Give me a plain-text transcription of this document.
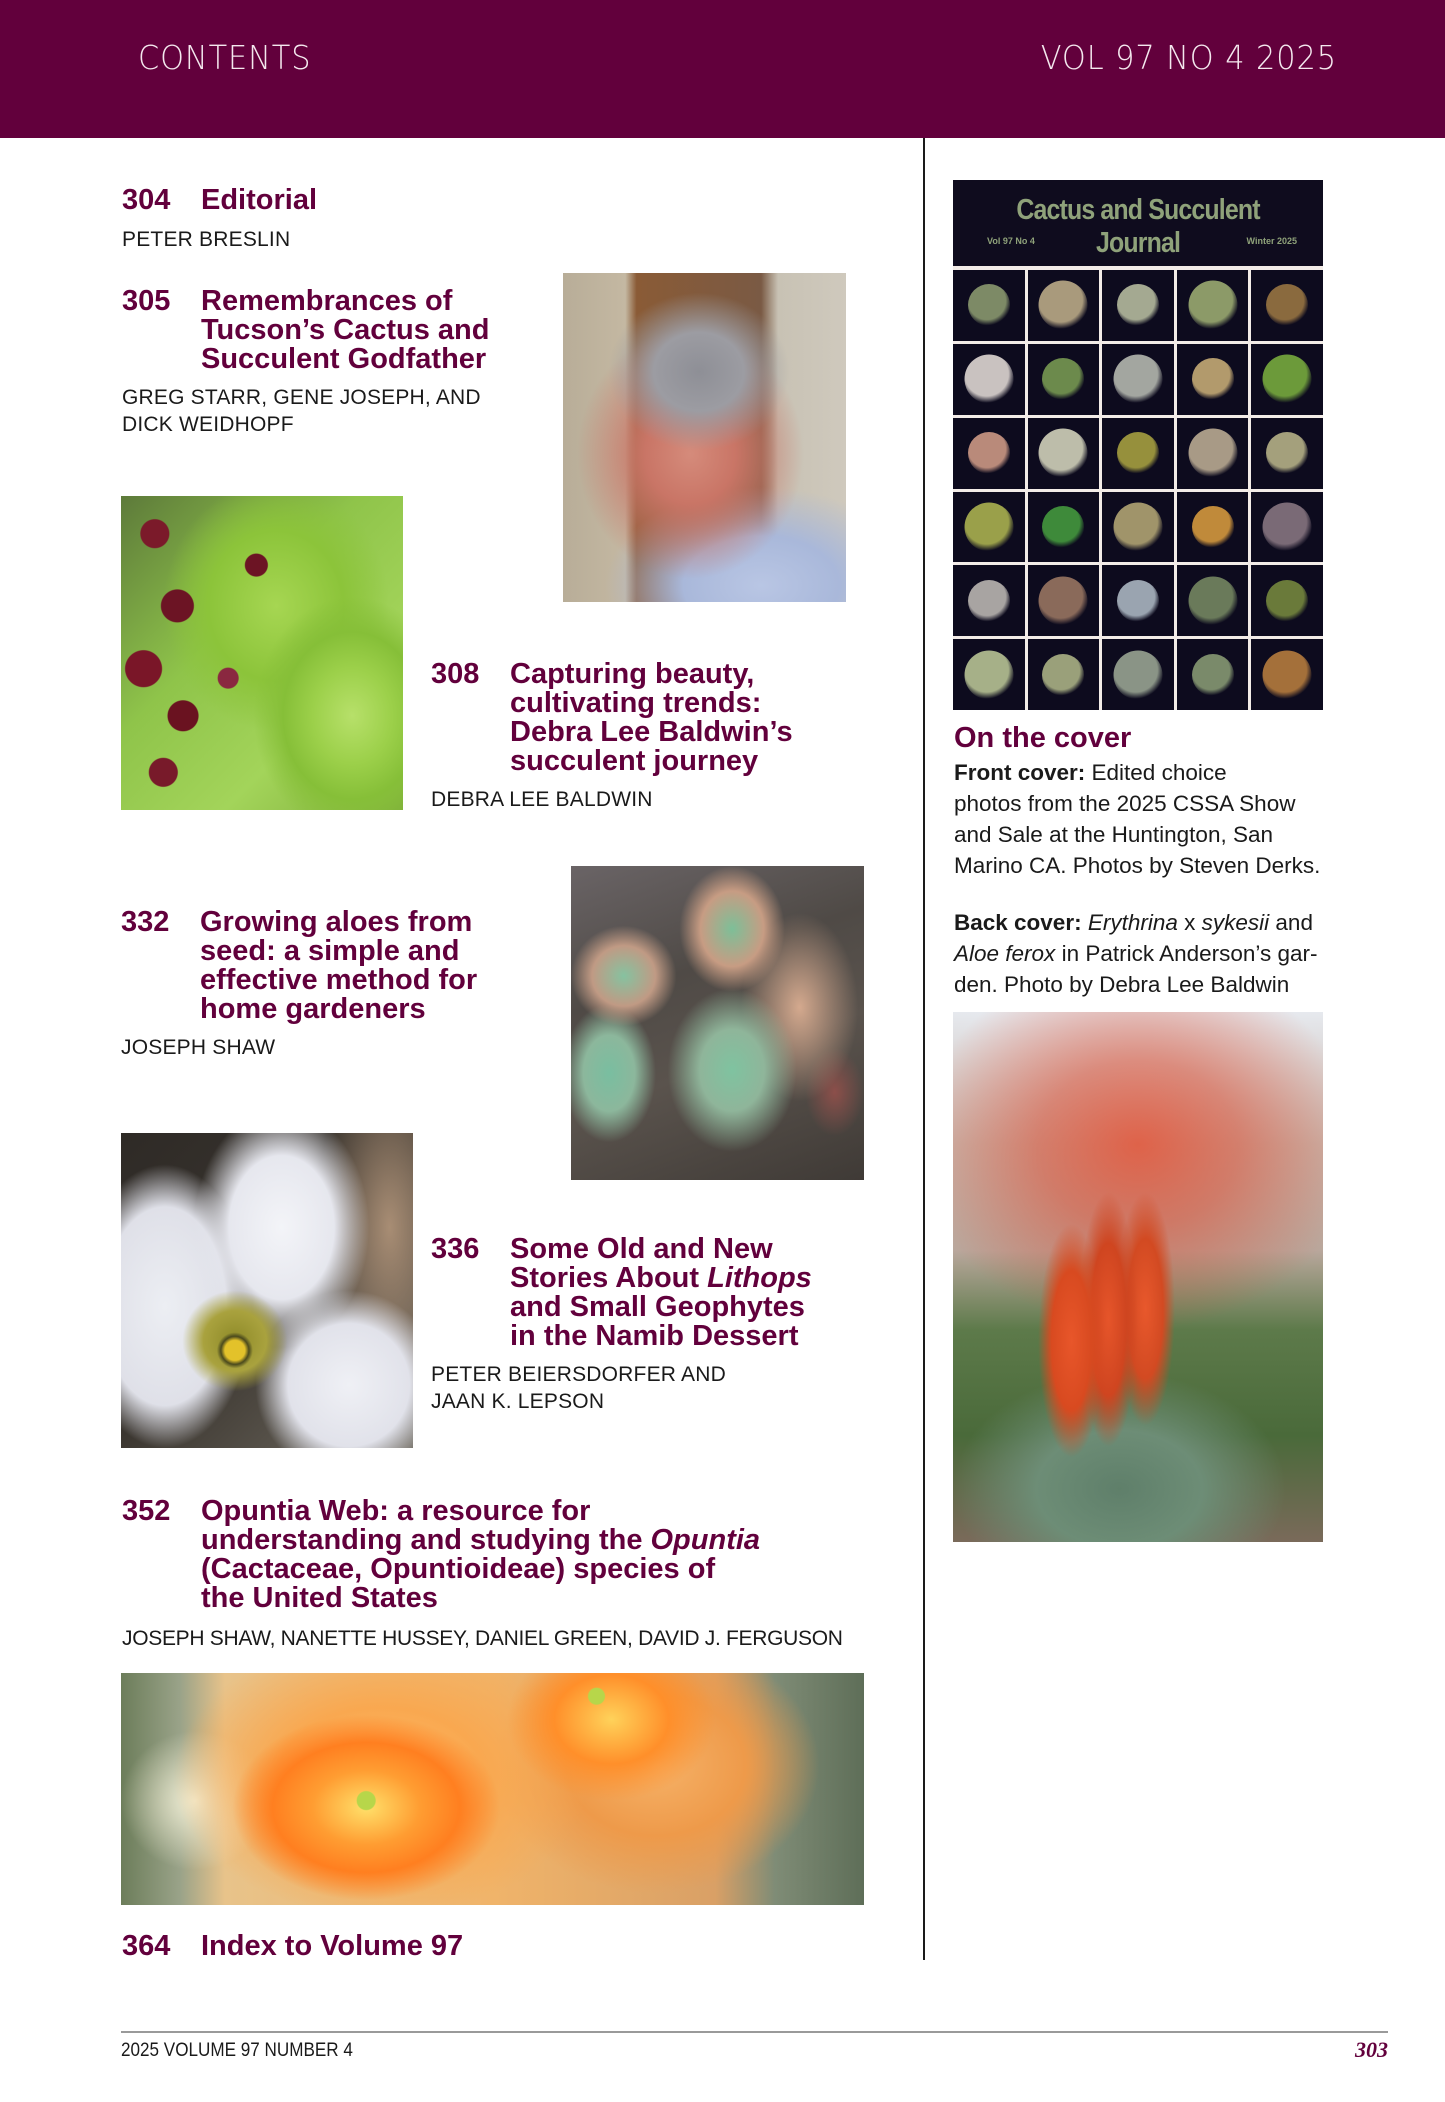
CONTENTS	VOL 97 NO 4 2025
304	Editorial
PETER BRESLIN
305	Remembrances of
Tucson’s Cactus and
Succulent Godfather
GREG STARR, GENE JOSEPH, AND
DICK WEIDHOPF
308	Capturing beauty,
cultivating trends:
Debra Lee Baldwin’s
succulent journey
DEBRA LEE BALDWIN
332	Growing aloes from
seed: a simple and
effective method for
home gardeners
JOSEPH SHAW
336	Some Old and New
Stories About Lithops
and Small Geophytes
in the Namib Dessert
PETER BEIERSDORFER AND
JAAN K. LEPSON
352	Opuntia Web: a resource for
understanding and studying the Opuntia
(Cactaceae, Opuntioideae) species of
the United States
JOSEPH SHAW, NANETTE HUSSEY, DANIEL GREEN, DAVID J. FERGUSON
364	Index to Volume 97
Cactus and Succulent Journal
Vol 97 No 4	Winter 2025
On the cover
Front cover: Edited choice
photos from the 2025 CSSA Show
and Sale at the Huntington, San
Marino CA. Photos by Steven Derks.
Back cover: Erythrina x sykesii and
Aloe ferox in Patrick Anderson’s gar-
den. Photo by Debra Lee Baldwin
2025 VOLUME 97 NUMBER 4	303
